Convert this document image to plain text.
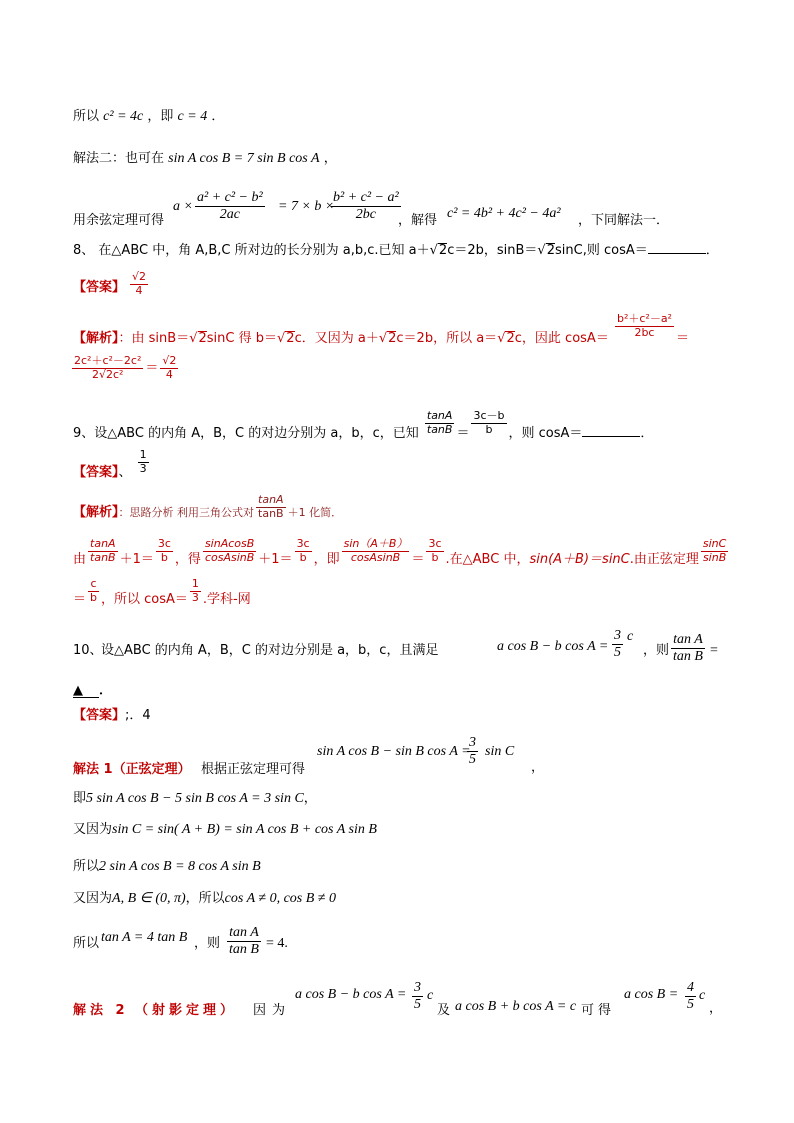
所以 c² = 4c ，即 c = 4 ．
解法二：也可在 sin A cos B = 7 sin B cos A ，
用余弦定理可得
$a \times \frac{\text{a² + c² − b²}}{2ac} = 7 \times b$ ×
$\frac{\text{b² + c² − a²}}{2bc}$
，解得 c² = 4b² + 4c² − 4a² ，下同解法一．
8、 在△ABC 中，角 A,B,C 所对边的长分别为 a,b,c.已知 a＋√2c＝2b，sinB＝√2sinC,则 cosA＝	．
【答案】 $\frac{√2}{4}$
【解析】：由 sinB＝√2sinC 得 b＝√2c．又因为 a＋√2c＝2b，所以 a＝√2c，因此 $\cos A= \frac{\text{b²＋c²－a²}}{2bc}$ ＝
$\frac{\text{2c²＋c²－2c²}}{\text{2√2c²}} = \frac{√2}{4}$
9、设△ABC 的内角 A，B，C 的对边分别为 a，b，c，已知 $\frac{\tan A}{\tan B} = \frac{3c-b}{b}$ ，则 cosA＝	．
【答案】、 $\frac{1}{3}$
【解析】：思路分析 利用三角公式对 $\frac{\tan A}{\tan B} +1$ 化简．
由 $\frac{\tan A}{\tan B} +1= \frac{3c}{b}$ ，得 $\frac{\text{sinAcosB}}{\text{cosAsinB}} +1= \frac{3c}{b}$ ，即 $\frac{\sin(A+B)}{\text{cosAsinB}} = \frac{3c}{b}$ .在△ABC 中，sin(A＋B)＝sinC.由正弦定理 $\frac{\sin C}{\sin B}$
＝ $\frac{c}{b}$ ，所以 $\cos A= \frac{1}{3}$ .学科-网
10、
设△ABC 的内角 A，B，C 的对边分别是 a，b，c，且满足	a cos B − b $\cos A = \frac{3}{5}$ c
，则 $\frac{\text{tan A}}{\text{tan B}}$ =
▲ ．
【答案】;．4
解法 1（正弦定理） 根据正弦定理可得
sin A cos B − sin B cos A =
$\frac{3}{5}$ sin C
，
即5 sin A cos B − 5 sin B cos A = 3 sin C，
又因为sin C = sin( A + B) = sin A cos B + cos A sin B
所以2 sin A cos B = 8 cos A sin B
又因为A, B ∈ (0, π)，所以cos A ≠ 0, cos B ≠ 0
所以 tan A = 4 tan B ，则 $\frac{\text{tan A}}{\text{tan B}} = 4$.
解法 2 （射影定理） 因为
a cos B − b $\cos A = \frac{3}{5}$ c
及 a cos B + b cos A = c 可得
a $\cos B = \frac{4}{5}$ c
，
